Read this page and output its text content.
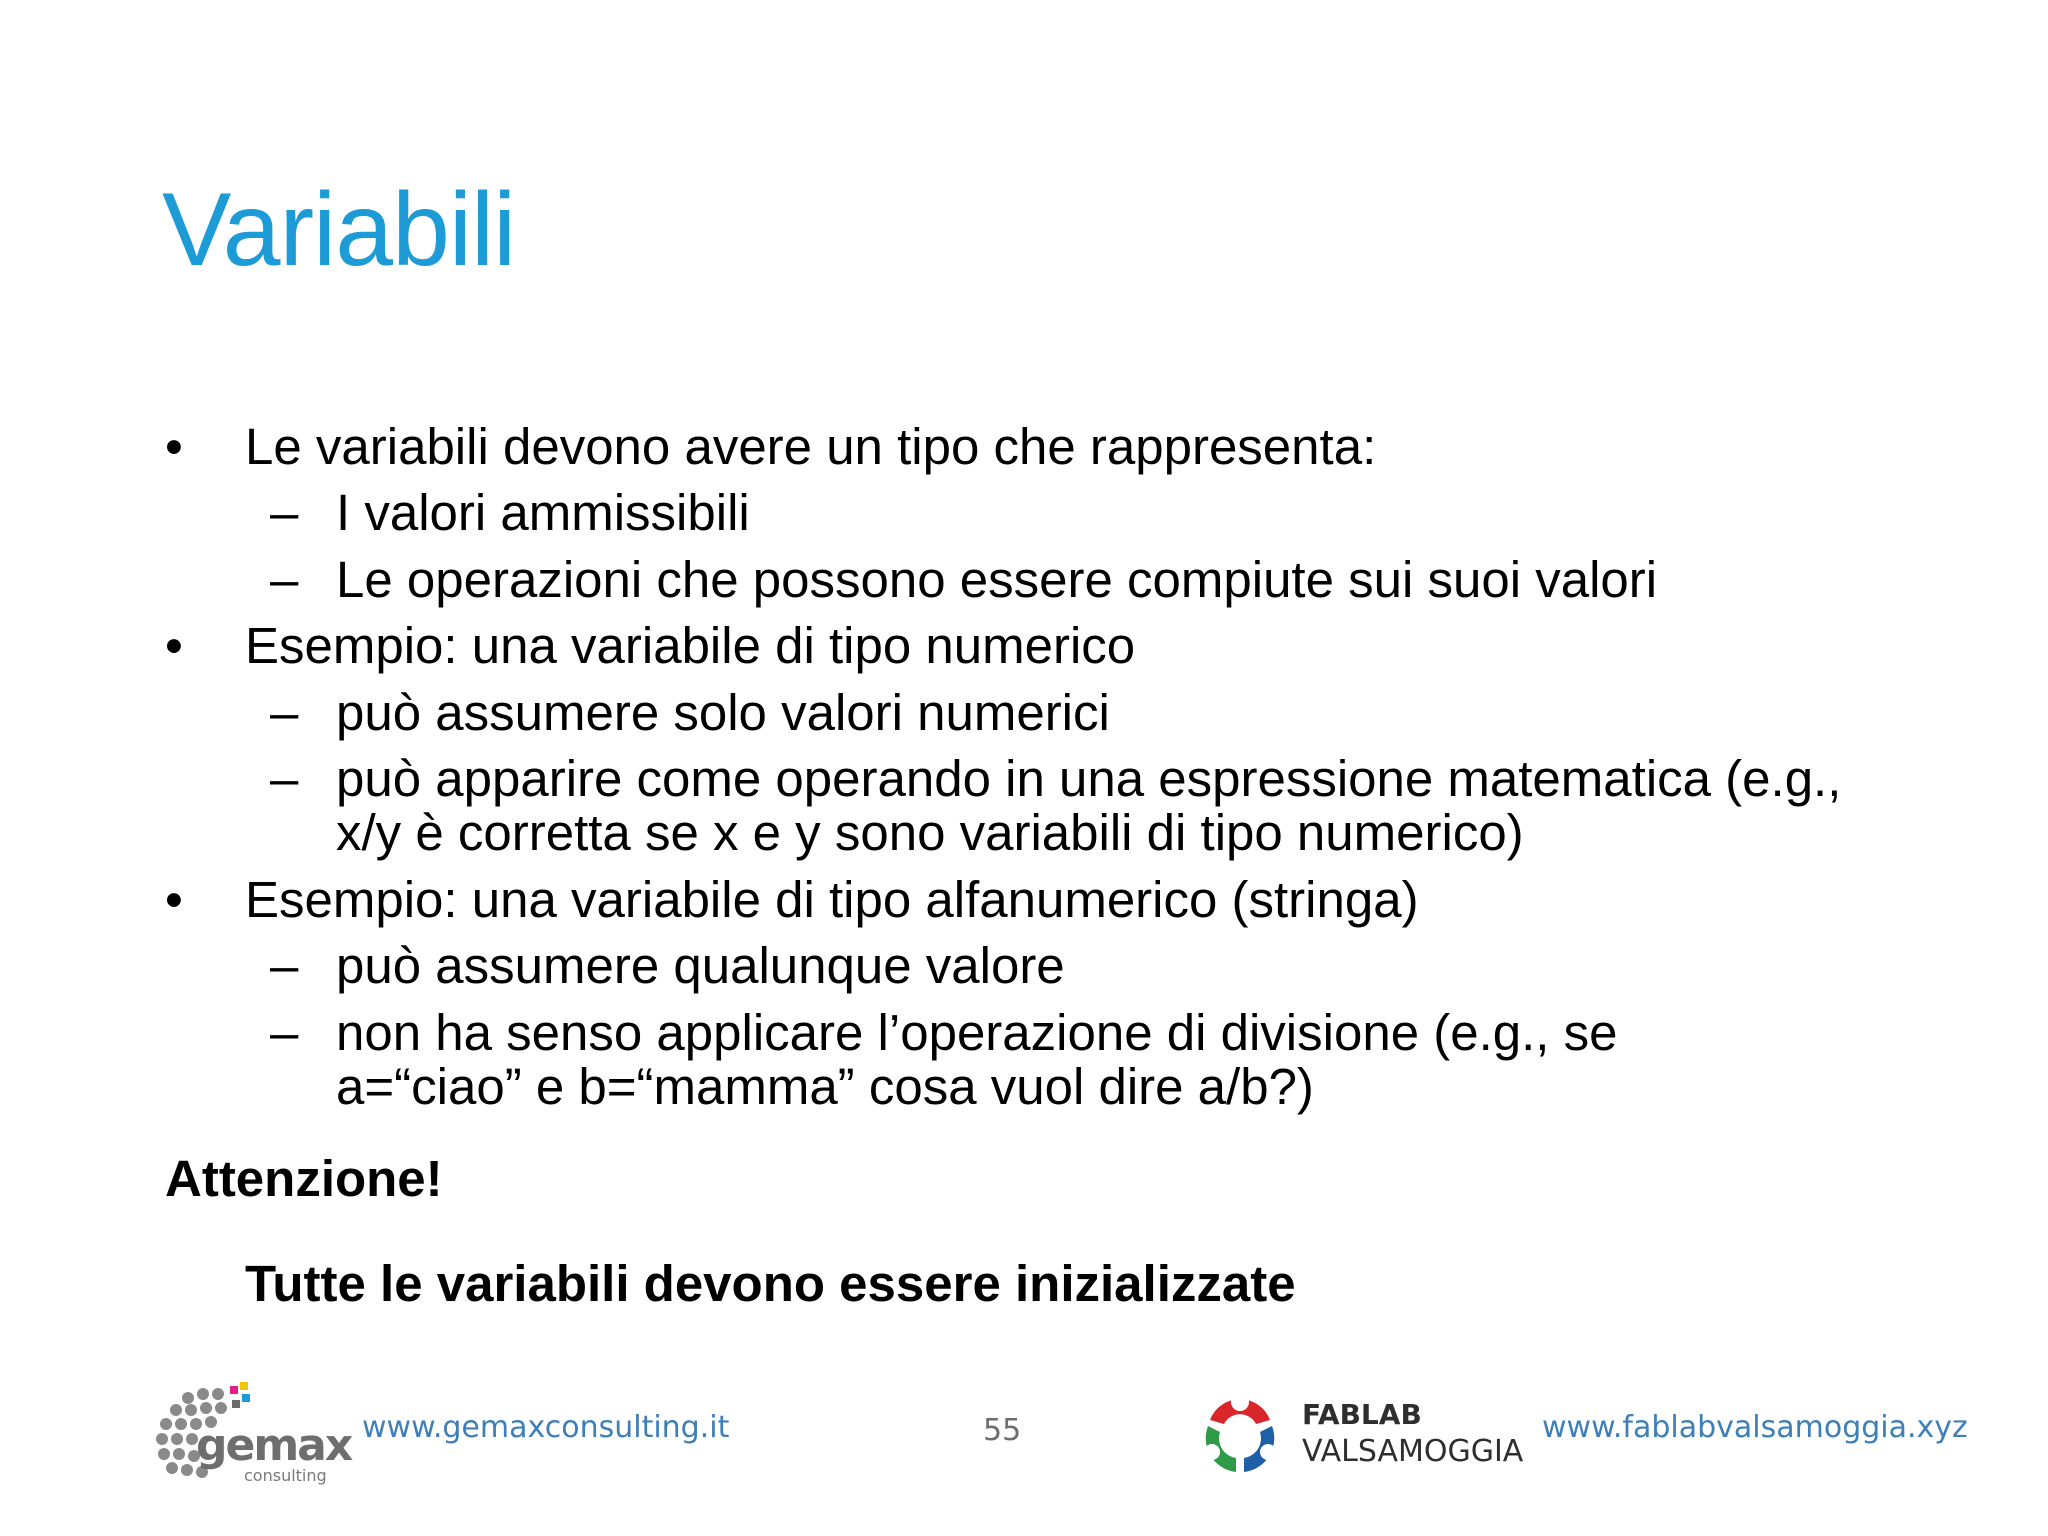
Variabili
• Le variabili devono avere un tipo che rappresenta:
– I valori ammissibili
– Le operazioni che possono essere compiute sui suoi valori
• Esempio: una variabile di tipo numerico
– può assumere solo valori numerici
– può apparire come operando in una espressione matematica (e.g.,
x/y è corretta se x e y sono variabili di tipo numerico)
• Esempio: una variabile di tipo alfanumerico (stringa)
– può assumere qualunque valore
– non ha senso applicare l’operazione di divisione (e.g., se
a=“ciao” e b=“mamma” cosa vuol dire a/b?)
Attenzione!
Tutte le variabili devono essere inizializzate
gemax
consulting
www.gemaxconsulting.it	55	FABLAB
VALSAMOGGIA
www.fablabvalsamoggia.xyz
